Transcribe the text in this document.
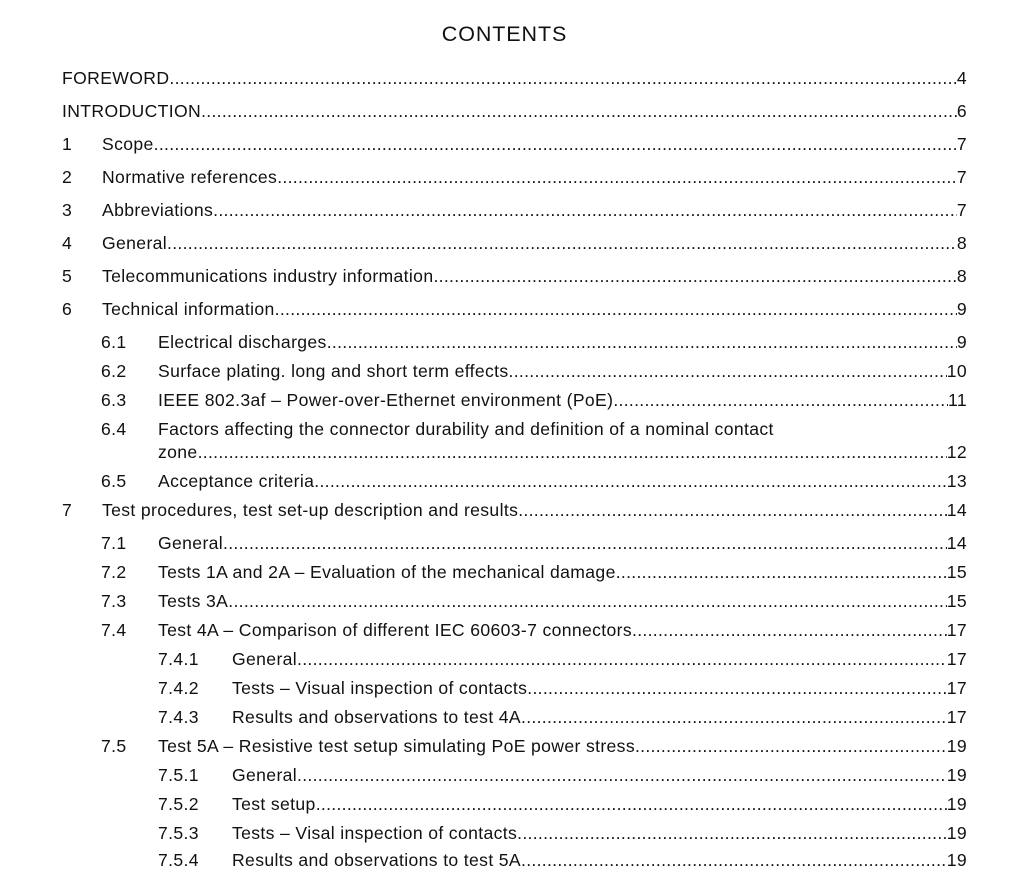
CONTENTS
FOREWORD .....	4
INTRODUCTION .....	6
1	Scope .....	7
2	Normative references .....	7
3	Abbreviations .....	7
4	General .....	8
5	Telecommunications industry information .....	8
6	Technical information .....	9
6.1	Electrical discharges .....	9
6.2	Surface plating. long and short term effects .....	10
6.3	IEEE 802.3af – Power-over-Ethernet environment (PoE) .....	11
6.4	Factors affecting the connector durability and definition of a nominal contact
zone .....	12
6.5	Acceptance criteria .....	13
7	Test procedures, test set-up description and results .....	14
7.1	General .....	14
7.2	Tests 1A and 2A – Evaluation of the mechanical damage .....	15
7.3	Tests 3A .....	15
7.4	Test 4A – Comparison of different IEC 60603-7 connectors .....	17
7.4.1	General .....	17
7.4.2	Tests – Visual inspection of contacts .....	17
7.4.3	Results and observations to test 4A .....	17
7.5	Test 5A – Resistive test setup simulating PoE power stress .....	19
7.5.1	General .....	19
7.5.2	Test setup .....	19
7.5.3	Tests – Visal inspection of contacts .....	19
7.5.4	Results and observations to test 5A .....	19
